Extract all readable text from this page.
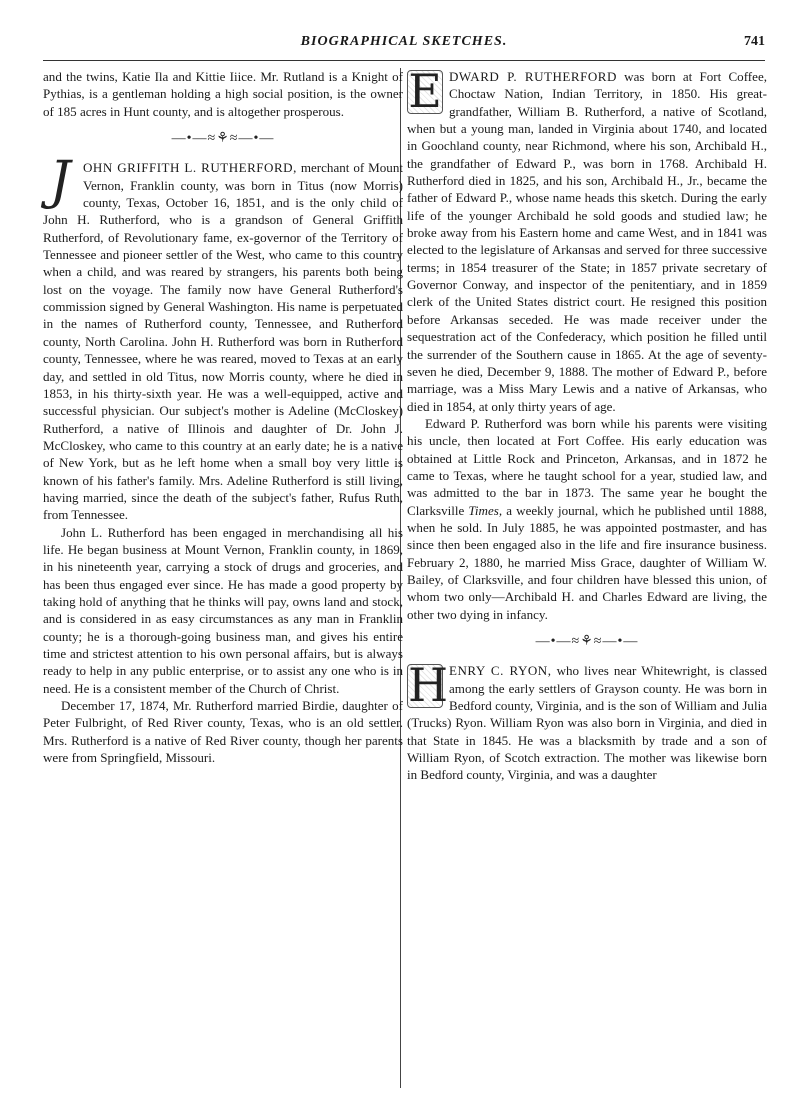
BIOGRAPHICAL SKETCHES.	741

and the twins, Katie Ila and Kittie Iiice. Mr. Rutland is a Knight of Pythias, is a gentleman holding a high social position, is the owner of 185 acres in Hunt county, and is altogether prosperous.

—•—≈⚘≈—•—
J OHN GRIFFITH L. RUTHERFORD, merchant of Mount Vernon, Franklin county, was born in Titus (now Morris) county, Texas, October 16, 1851, and is the only child of John H. Rutherford, who is a grandson of General Griffith Rutherford, of Revolutionary fame, ex-governor of the Territory of Tennessee and pioneer settler of the West, who came to this country when a child, and was reared by strangers, his parents both being lost on the voyage. The family now have General Rutherford's commission signed by General Washington. His name is perpetuated in the names of Rutherford county, Tennessee, and Rutherford county, North Carolina. John H. Rutherford was born in Rutherford county, Tennessee, where he was reared, moved to Texas at an early day, and settled in old Titus, now Morris county, where he died in 1853, in his thirty-sixth year. He was a well-equipped, active and successful physician. Our subject's mother is Adeline (McCloskey) Rutherford, a native of Illinois and daughter of Dr. John J. McCloskey, who came to this country at an early date; he is a native of New York, but as he left home when a small boy very little is known of his father's family. Mrs. Adeline Rutherford is still living, having married, since the death of the subject's father, Rufus Ruth, from Tennessee.

John L. Rutherford has been engaged in merchandising all his life. He began business at Mount Vernon, Franklin county, in 1869, in his nineteenth year, carrying a stock of drugs and groceries, and has been thus engaged ever since. He has made a good property by taking hold of anything that he thinks will pay, owns land and stock, and is considered in as easy circumstances as any man in Franklin county; he is a thorough-going business man, and gives his entire time and strictest attention to his own personal affairs, but is always ready to help in any public enterprise, or to assist any one who is in need. He is a consistent member of the Church of Christ.

December 17, 1874, Mr. Rutherford married Birdie, daughter of Peter Fulbright, of Red River county, Texas, who is an old settler. Mrs. Rutherford is a native of Red River county, though her parents were from Springfield, Missouri.

E DWARD P. RUTHERFORD was born at Fort Coffee, Choctaw Nation, Indian Territory, in 1850. His great-grandfather, William B. Rutherford, a native of Scotland, when but a young man, landed in Virginia about 1740, and located in Goochland county, near Richmond, where his son, Archibald H., the grandfather of Edward P., was born in 1768. Archibald H. Rutherford died in 1825, and his son, Archibald H., Jr., became the father of Edward P., whose name heads this sketch. During the early life of the younger Archibald he sold goods and studied law; he broke away from his Eastern home and came West, and in 1841 was elected to the legislature of Arkansas and served for three successive terms; in 1854 treasurer of the State; in 1857 private secretary of Governor Conway, and inspector of the penitentiary, and in 1859 clerk of the United States district court. He resigned this position before Arkansas seceded. He was made receiver under the sequestration act of the Confederacy, which position he filled until the surrender of the Southern cause in 1865. At the age of seventy-seven he died, December 9, 1888. The mother of Edward P., before marriage, was a Miss Mary Lewis and a native of Arkansas, who died in 1854, at only thirty years of age.

Edward P. Rutherford was born while his parents were visiting his uncle, then located at Fort Coffee. His early education was obtained at Little Rock and Princeton, Arkansas, and in 1872 he came to Texas, where he taught school for a year, studied law, and was admitted to the bar in 1873. The same year he bought the Clarksville Times, a weekly journal, which he published until 1888, when he sold. In July 1885, he was appointed postmaster, and has since then been engaged also in the life and fire insurance business. February 2, 1880, he married Miss Grace, daughter of William W. Bailey, of Clarksville, and four children have blessed this union, of whom two only—Archibald H. and Charles Edward are living, the other two dying in infancy.

—•—≈⚘≈—•—
H ENRY C. RYON, who lives near Whitewright, is classed among the early settlers of Grayson county. He was born in Bedford county, Virginia, and is the son of William and Julia (Trucks) Ryon. William Ryon was also born in Virginia, and died in that State in 1845. He was a blacksmith by trade and a son of William Ryon, of Scotch extraction. The mother was likewise born in Bedford county, Virginia, and was a daughter
